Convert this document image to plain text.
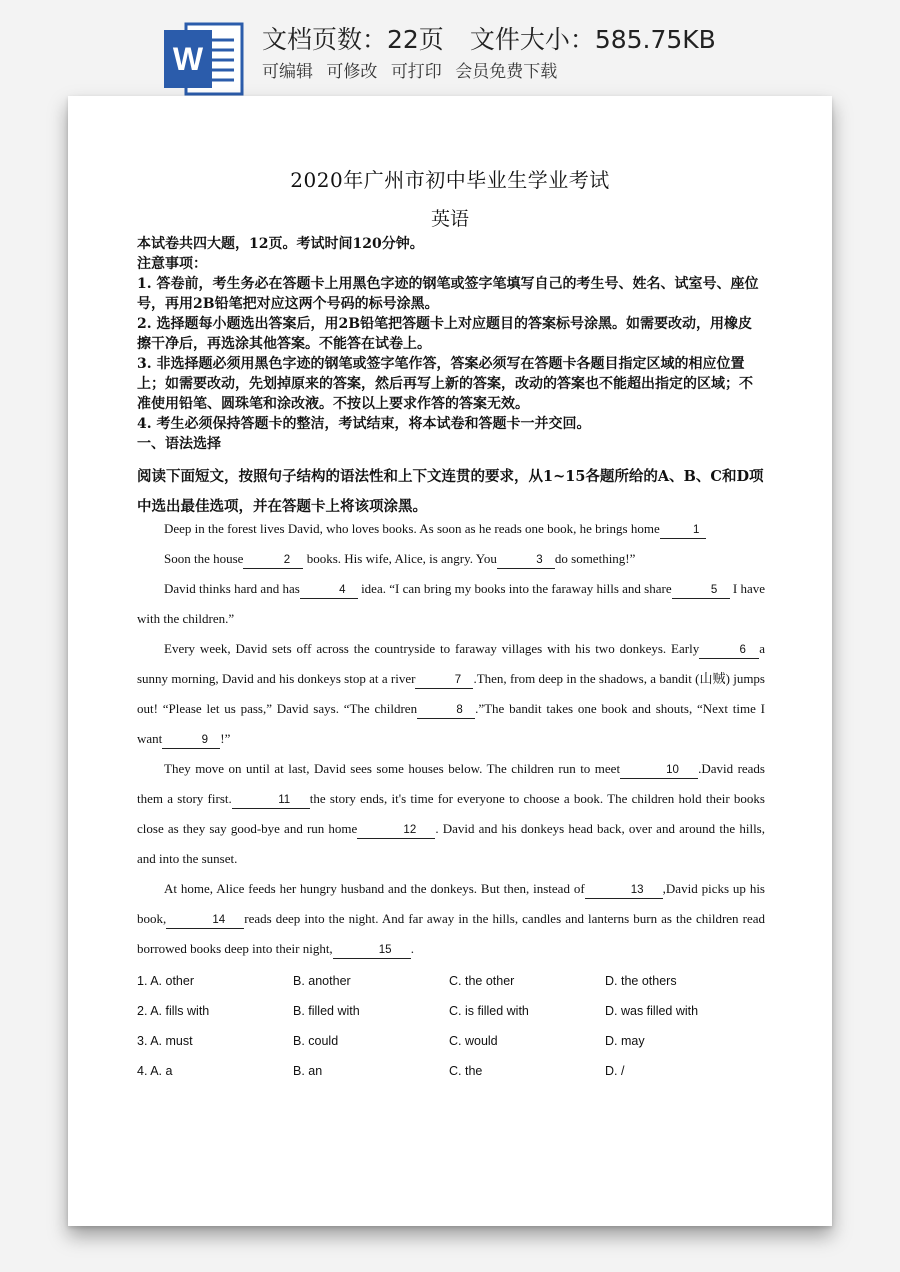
W
文档页数：22页 文件大小：585.75KB
可编辑 可修改 可打印 会员免费下载
2020年广州市初中毕业生学业考试
英语

本试卷共四大题，12页。考试时间120分钟。

注意事项：

1. 答卷前，考生务必在答题卡上用黑色字迹的钢笔或签字笔填写自己的考生号、姓名、试室号、座位号，再用2B铅笔把对应这两个号码的标号涂黑。

2. 选择题每小题选出答案后，用2B铅笔把答题卡上对应题目的答案标号涂黑。如需要改动，用橡皮擦干净后，再选涂其他答案。不能答在试卷上。

3. 非选择题必须用黑色字迹的钢笔或签字笔作答，答案必须写在答题卡各题目指定区域的相应位置上；如需要改动，先划掉原来的答案，然后再写上新的答案，改动的答案也不能超出指定的区域；不准使用铅笔、圆珠笔和涂改液。不按以上要求作答的答案无效。

4. 考生必须保持答题卡的整洁，考试结束，将本试卷和答题卡一并交回。

一、语法选择

阅读下面短文，按照句子结构的语法性和上下文连贯的要求，从1~15各题所给的A、B、C和D项中选出最佳选项，并在答题卡上将该项涂黑。

Deep in the forest lives David, who loves books. As soon as he reads one book, he brings home	1

Soon the house	2 books. His wife, Alice, is angry. You	3 do something!”

David thinks hard and has	4 idea. “I can bring my books into the faraway hills and share	5 I have with the children.”

Every week, David sets off across the countryside to faraway villages with his two donkeys. Early	6 a sunny morning, David and his donkeys stop at a river	7 .Then, from deep in the shadows, a bandit (山贼) jumps out! “Please let us pass,” David says. “The children	8 .”The bandit takes one book and shouts, “Next time I want	9 !”

They move on until at last, David sees some houses below. The children run to meet	10 .David reads them a story first.	11 the story ends, it's time for everyone to choose a book. The children hold their books close as they say good-bye and run home	12 . David and his donkeys head back, over and around the hills, and into the sunset.

At home, Alice feeds her hungry husband and the donkeys. But then, instead of	13 ,David picks up his book,	14 reads deep into the night. And far away in the hills, candles and lanterns burn as the children read borrowed books deep into their night,	15 .

1. A. other	B. another	C. the other	D. the others
2. A. fills with	B. filled with	C. is filled with	D. was filled with
3. A. must	B. could	C. would	D. may
4. A. a	B. an	C. the	D. /
